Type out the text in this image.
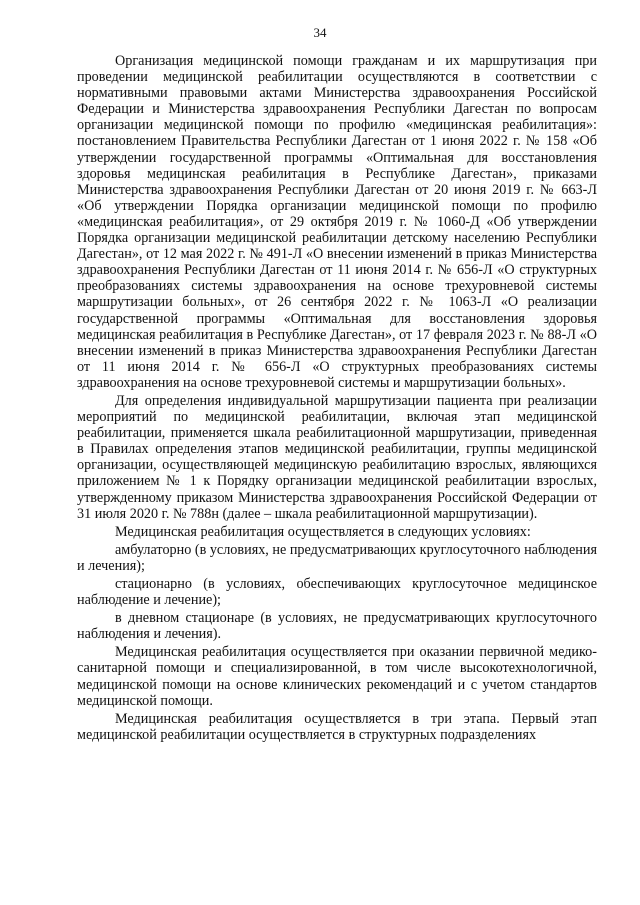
34

Организация медицинской помощи гражданам и их маршрутизация при проведении медицинской реабилитации осуществляются в соответствии с нормативными правовыми актами Министерства здравоохранения Российской Федерации и Министерства здравоохранения Республики Дагестан по вопросам организации медицинской помощи по профилю «медицинская реабилитация»: постановлением Правительства Республики Дагестан от 1 июня 2022 г. № 158 «Об утверждении государственной программы «Оптимальная для восстановления здоровья медицинская реабилитация в Республике Дагестан», приказами Министерства здравоохранения Республики Дагестан от 20 июня 2019 г. № 663-Л «Об утверждении Порядка организации медицинской помощи по профилю «медицинская реабилитация», от 29 октября 2019 г. № 1060-Д «Об утверждении Порядка организации медицинской реабилитации детскому населению Республики Дагестан», от 12 мая 2022 г. № 491-Л «О внесении изменений в приказ Министерства здравоохранения Республики Дагестан от 11 июня 2014 г. № 656-Л «О структурных преобразованиях системы здравоохранения на основе трехуровневой системы маршрутизации больных», от 26 сентября 2022 г. № 1063-Л «О реализации государственной программы «Оптимальная для восстановления здоровья медицинская реабилитация в Республике Дагестан», от 17 февраля 2023 г. № 88-Л «О внесении изменений в приказ Министерства здравоохранения Республики Дагестан от 11 июня 2014 г. № 656-Л «О структурных преобразованиях системы здравоохранения на основе трехуровневой системы и маршрутизации больных».

Для определения индивидуальной маршрутизации пациента при реализации мероприятий по медицинской реабилитации, включая этап медицинской реабилитации, применяется шкала реабилитационной маршрутизации, приведенная в Правилах определения этапов медицинской реабилитации, группы медицинской организации, осуществляющей медицинскую реабилитацию взрослых, являющихся приложением № 1 к Порядку организации медицинской реабилитации взрослых, утвержденному приказом Министерства здравоохранения Российской Федерации от 31 июля 2020 г. № 788н (далее – шкала реабилитационной маршрутизации).

Медицинская реабилитация осуществляется в следующих условиях:

амбулаторно (в условиях, не предусматривающих круглосуточного наблюдения и лечения);

стационарно (в условиях, обеспечивающих круглосуточное медицинское наблюдение и лечение);

в дневном стационаре (в условиях, не предусматривающих круглосуточного наблюдения и лечения).

Медицинская реабилитация осуществляется при оказании первичной медико-санитарной помощи и специализированной, в том числе высокотехнологичной, медицинской помощи на основе клинических рекомендаций и с учетом стандартов медицинской помощи.

Медицинская реабилитация осуществляется в три этапа. Первый этап медицинской реабилитации осуществляется в структурных подразделениях
